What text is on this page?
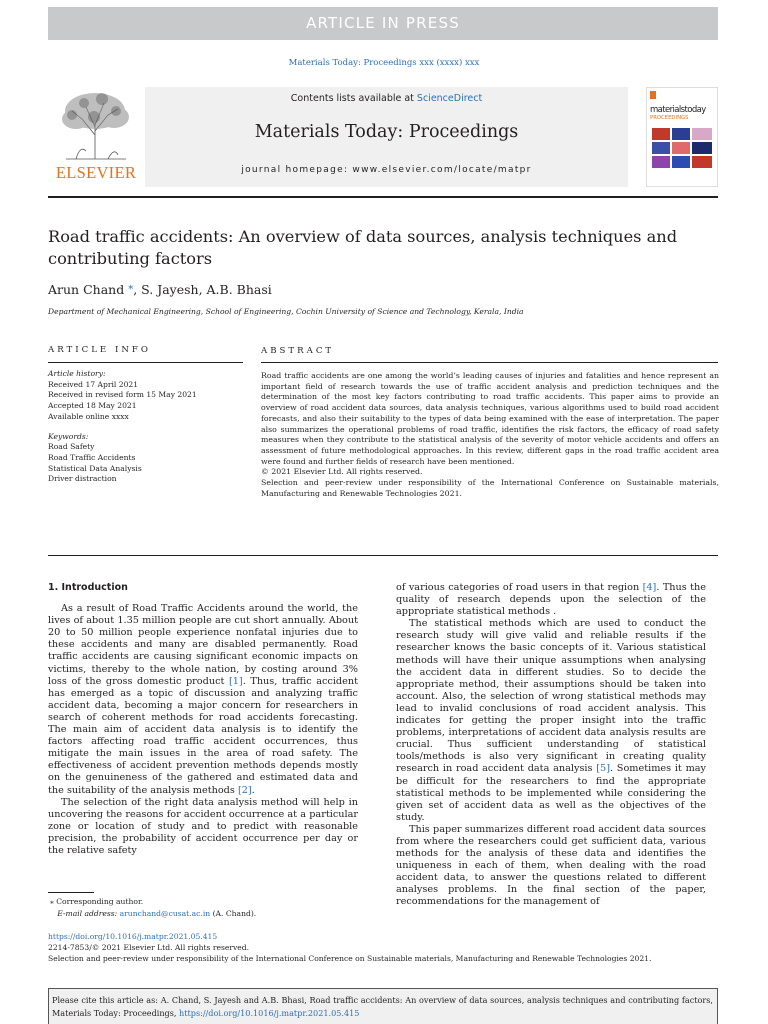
ARTICLE IN PRESS
Materials Today: Proceedings xxx (xxxx) xxx
ELSEVIER
Contents lists available at ScienceDirect
Materials Today: Proceedings
journal homepage: www.elsevier.com/locate/matpr
materialstoday
PROCEEDINGS
Road traffic accidents: An overview of data sources, analysis techniques and contributing factors
Arun Chand ⁎, S. Jayesh, A.B. Bhasi
Department of Mechanical Engineering, School of Engineering, Cochin University of Science and Technology, Kerala, India
ARTICLE INFO	ABSTRACT
Article history:
Received 17 April 2021
Received in revised form 15 May 2021
Accepted 18 May 2021
Available online xxxx
Keywords:
Road Safety
Road Traffic Accidents
Statistical Data Analysis
Driver distraction

Road traffic accidents are one among the world’s leading causes of injuries and fatalities and hence represent an important field of research towards the use of traffic accident analysis and prediction techniques and the determination of the most key factors contributing to road traffic accidents. This paper aims to provide an overview of road accident data sources, data analysis techniques, various algorithms used to build road accident forecasts, and also their suitability to the types of data being examined with the ease of interpretation. The paper also summarizes the operational problems of road traffic, identifies the risk factors, the efficacy of road safety measures when they contribute to the statistical analysis of the severity of motor vehicle accidents and offers an assessment of future methodological approaches. In this review, different gaps in the road traffic accident area were found and further fields of research have been mentioned.

© 2021 Elsevier Ltd. All rights reserved.

Selection and peer-review under responsibility of the International Conference on Sustainable materials, Manufacturing and Renewable Technologies 2021.

1. Introduction

As a result of Road Traffic Accidents around the world, the lives of about 1.35 million people are cut short annually. About 20 to 50 million people experience nonfatal injuries due to these accidents and many are disabled permanently. Road traffic accidents are causing significant economic impacts on victims, thereby to the whole nation, by costing around 3% loss of the gross domestic product [1]. Thus, traffic accident has emerged as a topic of discussion and analyzing traffic accident data, becoming a major concern for researchers in search of coherent methods for road accidents forecasting. The main aim of accident data analysis is to identify the factors affecting road traffic accident occurrences, thus mitigate the main issues in the area of road safety. The effectiveness of accident prevention methods depends mostly on the genuineness of the gathered and estimated data and the suitability of the analysis methods [2].

The selection of the right data analysis method will help in uncovering the reasons for accident occurrence at a particular zone or location of study and to predict with reasonable precision, the probability of accident occurrence per day or the relative safety

of various categories of road users in that region [4]. Thus the quality of research depends upon the selection of the appropriate statistical methods .

The statistical methods which are used to conduct the research study will give valid and reliable results if the researcher knows the basic concepts of it. Various statistical methods will have their unique assumptions when analysing the accident data in different studies. So to decide the appropriate method, their assumptions should be taken into account. Also, the selection of wrong statistical methods may lead to invalid conclusions of road accident analysis. This indicates for getting the proper insight into the traffic problems, interpretations of accident data analysis results are crucial. Thus sufficient understanding of statistical tools/methods is also very significant in creating quality research in road accident data analysis [5]. Sometimes it may be difficult for the researchers to find the appropriate statistical methods to be implemented while considering the given set of accident data as well as the objectives of the study.

This paper summarizes different road accident data sources from where the researchers could get sufficient data, various methods for the analysis of these data and identifies the uniqueness in each of them, when dealing with the road accident data, to answer the questions related to different analyses problems. In the final section of the paper, recommendations for the management of

⁎ Corresponding author.
E-mail address: arunchand@cusat.ac.in (A. Chand).
https://doi.org/10.1016/j.matpr.2021.05.415
2214-7853/© 2021 Elsevier Ltd. All rights reserved.
Selection and peer-review under responsibility of the International Conference on Sustainable materials, Manufacturing and Renewable Technologies 2021.
Please cite this article as: A. Chand, S. Jayesh and A.B. Bhasi, Road traffic accidents: An overview of data sources, analysis techniques and contributing factors, Materials Today: Proceedings, https://doi.org/10.1016/j.matpr.2021.05.415
